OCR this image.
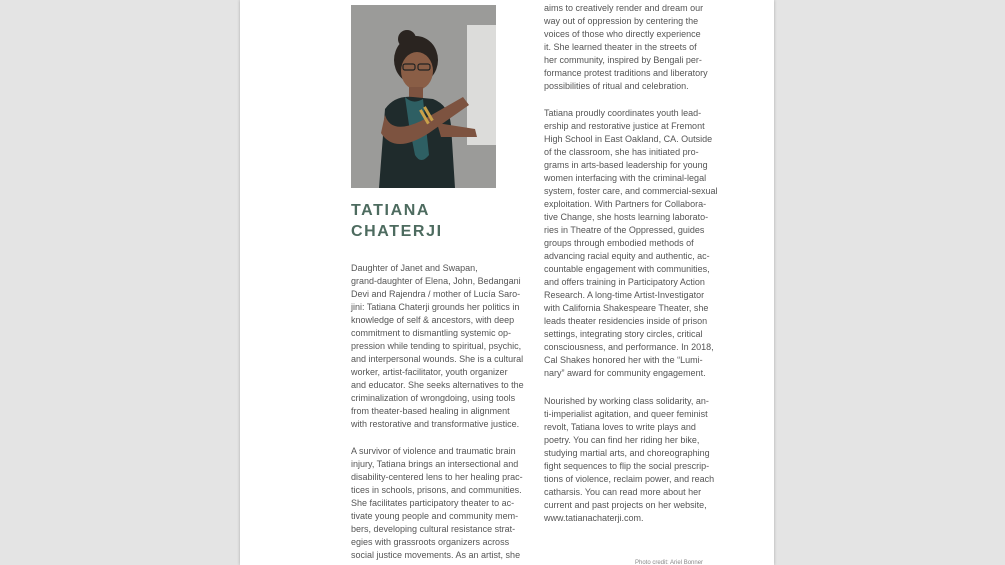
TATIANA
CHATERJI
Daughter of Janet and Swapan,
grand-daughter of Elena, John, Bedangani
Devi and Rajendra / mother of Lucía Saro-
jini: Tatiana Chaterji grounds her politics in
knowledge of self & ancestors, with deep
commitment to dismantling systemic op-
pression while tending to spiritual, psychic,
and interpersonal wounds. She is a cultural
worker, artist-facilitator, youth organizer
and educator. She seeks alternatives to the
criminalization of wrongdoing, using tools
from theater-based healing in alignment
with restorative and transformative justice.
A survivor of violence and traumatic brain
injury, Tatiana brings an intersectional and
disability-centered lens to her healing prac-
tices in schools, prisons, and communities.
She facilitates participatory theater to ac-
tivate young people and community mem-
bers, developing cultural resistance strat-
egies with grassroots organizers across
social justice movements. As an artist, she
aims to creatively render and dream our
way out of oppression by centering the
voices of those who directly experience
it. She learned theater in the streets of
her community, inspired by Bengali per-
formance protest traditions and liberatory
possibilities of ritual and celebration.
Tatiana proudly coordinates youth lead-
ership and restorative justice at Fremont
High School in East Oakland, CA. Outside
of the classroom, she has initiated pro-
grams in arts-based leadership for young
women interfacing with the criminal-legal
system, foster care, and commercial-sexual
exploitation. With Partners for Collabora-
tive Change, she hosts learning laborato-
ries in Theatre of the Oppressed, guides
groups through embodied methods of
advancing racial equity and authentic, ac-
countable engagement with communities,
and offers training in Participatory Action
Research. A long-time Artist-Investigator
with California Shakespeare Theater, she
leads theater residencies inside of prison
settings, integrating story circles, critical
consciousness, and performance. In 2018,
Cal Shakes honored her with the “Lumi-
nary” award for community engagement.
Nourished by working class solidarity, an-
ti-imperialist agitation, and queer feminist
revolt, Tatiana loves to write plays and
poetry. You can find her riding her bike,
studying martial arts, and choreographing
fight sequences to flip the social prescrip-
tions of violence, reclaim power, and reach
catharsis. You can read more about her
current and past projects on her website,
www.tatianachaterji.com.
Photo credit: Ariel Bonner
